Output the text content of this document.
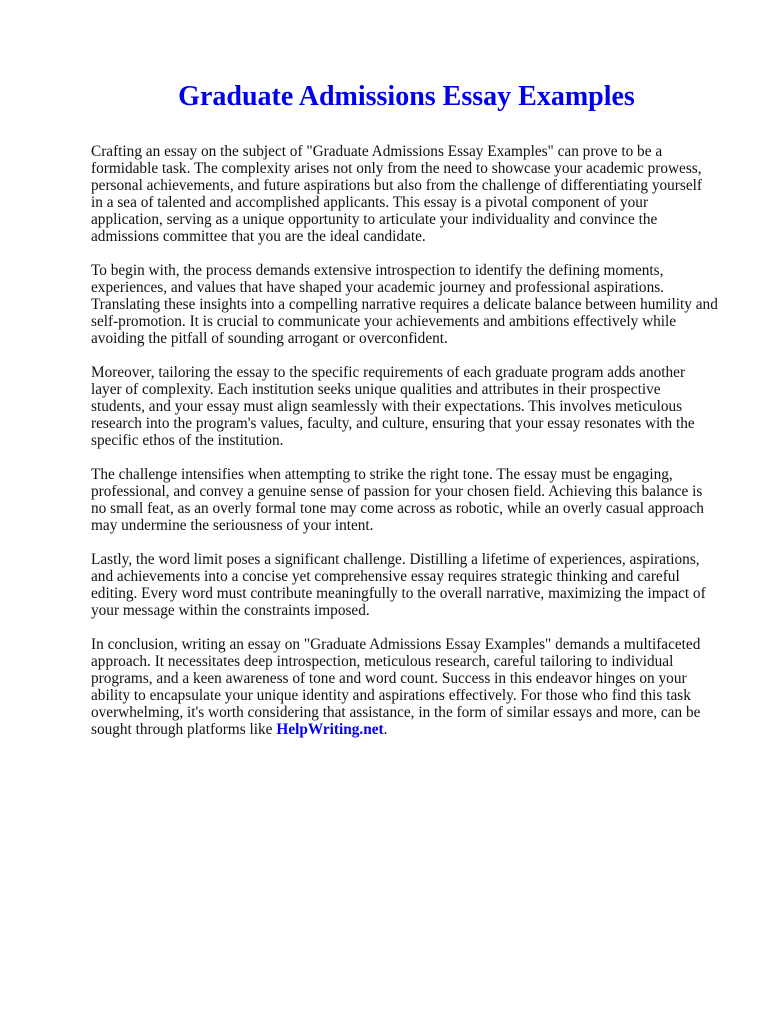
Graduate Admissions Essay Examples

Crafting an essay on the subject of "Graduate Admissions Essay Examples" can prove to be a
formidable task. The complexity arises not only from the need to showcase your academic prowess,
personal achievements, and future aspirations but also from the challenge of differentiating yourself
in a sea of talented and accomplished applicants. This essay is a pivotal component of your
application, serving as a unique opportunity to articulate your individuality and convince the
admissions committee that you are the ideal candidate.

To begin with, the process demands extensive introspection to identify the defining moments,
experiences, and values that have shaped your academic journey and professional aspirations.
Translating these insights into a compelling narrative requires a delicate balance between humility and
self-promotion. It is crucial to communicate your achievements and ambitions effectively while
avoiding the pitfall of sounding arrogant or overconfident.

Moreover, tailoring the essay to the specific requirements of each graduate program adds another
layer of complexity. Each institution seeks unique qualities and attributes in their prospective
students, and your essay must align seamlessly with their expectations. This involves meticulous
research into the program's values, faculty, and culture, ensuring that your essay resonates with the
specific ethos of the institution.

The challenge intensifies when attempting to strike the right tone. The essay must be engaging,
professional, and convey a genuine sense of passion for your chosen field. Achieving this balance is
no small feat, as an overly formal tone may come across as robotic, while an overly casual approach
may undermine the seriousness of your intent.

Lastly, the word limit poses a significant challenge. Distilling a lifetime of experiences, aspirations,
and achievements into a concise yet comprehensive essay requires strategic thinking and careful
editing. Every word must contribute meaningfully to the overall narrative, maximizing the impact of
your message within the constraints imposed.

In conclusion, writing an essay on "Graduate Admissions Essay Examples" demands a multifaceted
approach. It necessitates deep introspection, meticulous research, careful tailoring to individual
programs, and a keen awareness of tone and word count. Success in this endeavor hinges on your
ability to encapsulate your unique identity and aspirations effectively. For those who find this task
overwhelming, it's worth considering that assistance, in the form of similar essays and more, can be
sought through platforms like HelpWriting.net.
